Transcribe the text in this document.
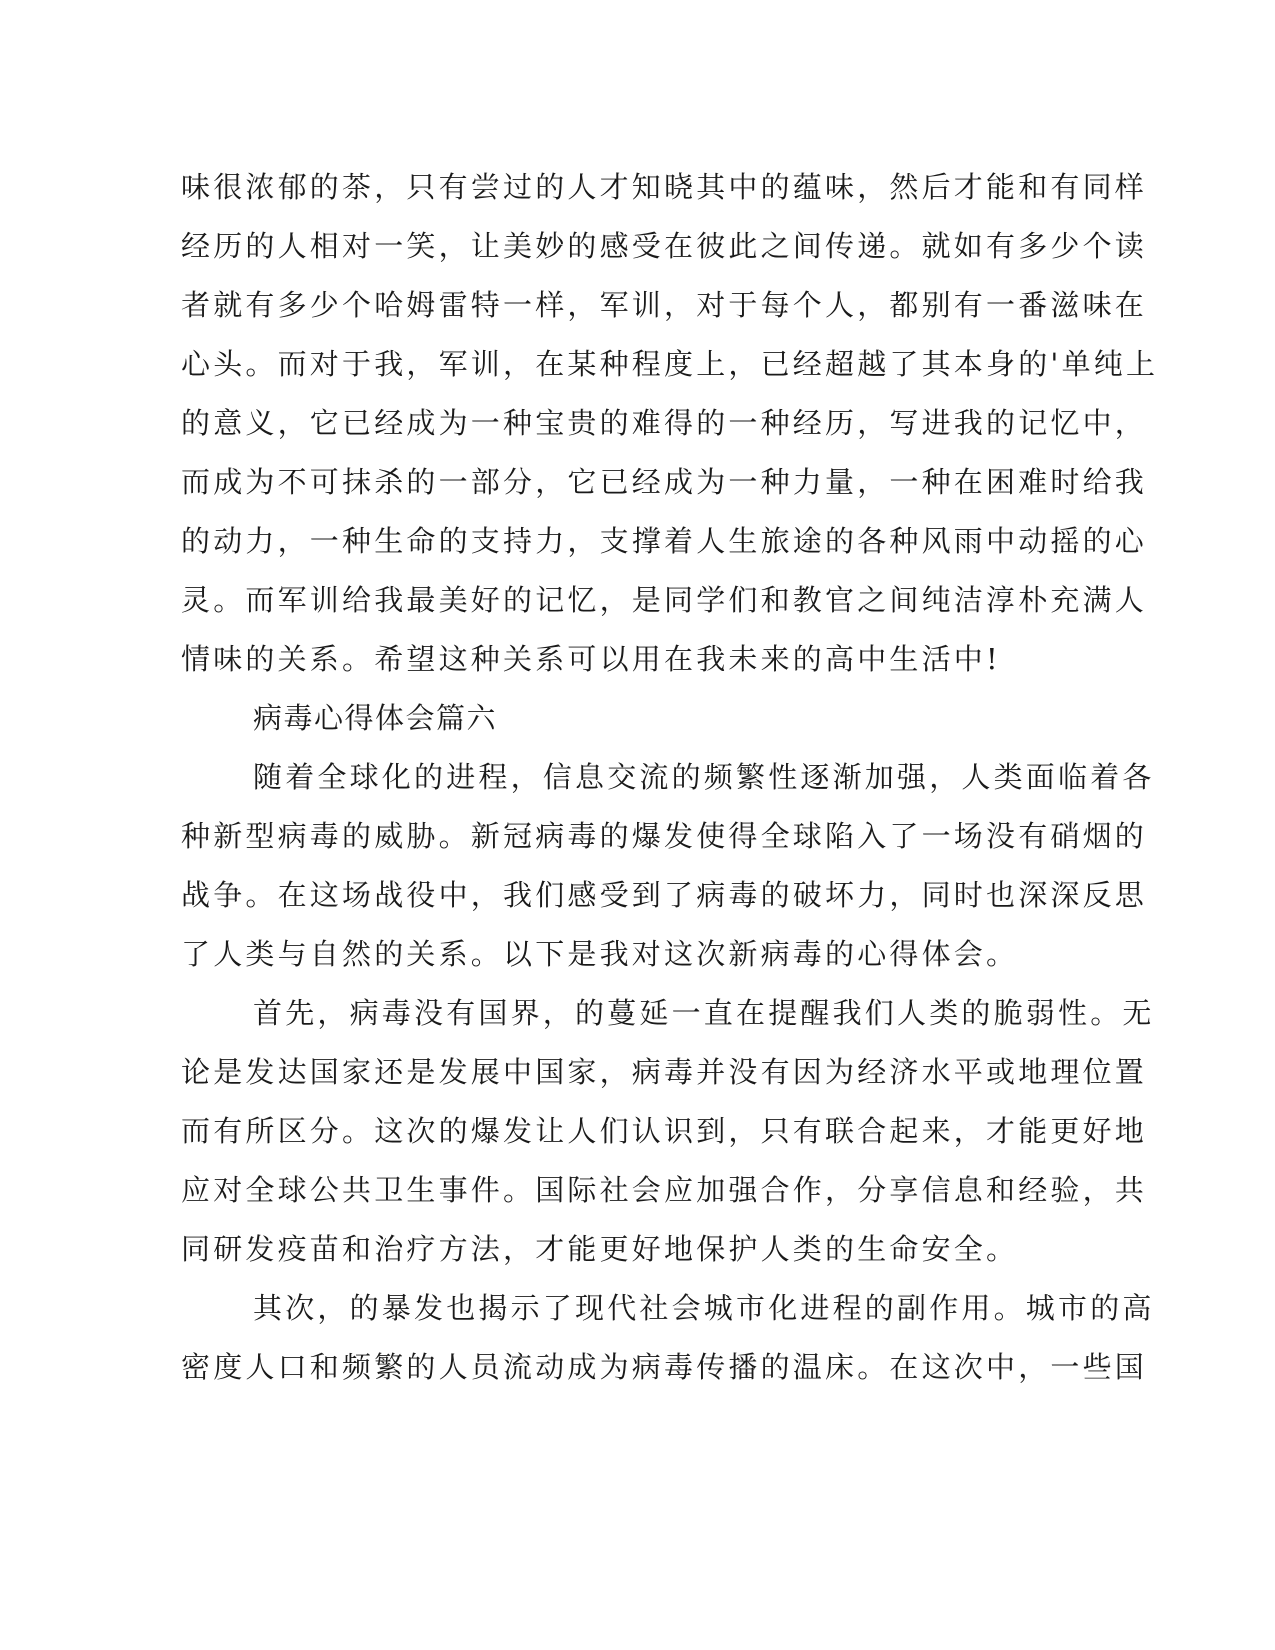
味很浓郁的茶，只有尝过的人才知晓其中的蕴味，然后才能和有同样
经历的人相对一笑，让美妙的感受在彼此之间传递。就如有多少个读
者就有多少个哈姆雷特一样，军训，对于每个人，都别有一番滋味在
心头。而对于我，军训，在某种程度上，已经超越了其本身的'单纯上
的意义，它已经成为一种宝贵的难得的一种经历，写进我的记忆中，
而成为不可抹杀的一部分，它已经成为一种力量，一种在困难时给我
的动力，一种生命的支持力，支撑着人生旅途的各种风雨中动摇的心
灵。而军训给我最美好的记忆，是同学们和教官之间纯洁淳朴充满人
情味的关系。希望这种关系可以用在我未来的高中生活中!
病毒心得体会篇六
随着全球化的进程，信息交流的频繁性逐渐加强，人类面临着各
种新型病毒的威胁。新冠病毒的爆发使得全球陷入了一场没有硝烟的
战争。在这场战役中，我们感受到了病毒的破坏力，同时也深深反思
了人类与自然的关系。以下是我对这次新病毒的心得体会。
首先，病毒没有国界，的蔓延一直在提醒我们人类的脆弱性。无
论是发达国家还是发展中国家，病毒并没有因为经济水平或地理位置
而有所区分。这次的爆发让人们认识到，只有联合起来，才能更好地
应对全球公共卫生事件。国际社会应加强合作，分享信息和经验，共
同研发疫苗和治疗方法，才能更好地保护人类的生命安全。
其次，的暴发也揭示了现代社会城市化进程的副作用。城市的高
密度人口和频繁的人员流动成为病毒传播的温床。在这次中，一些国
